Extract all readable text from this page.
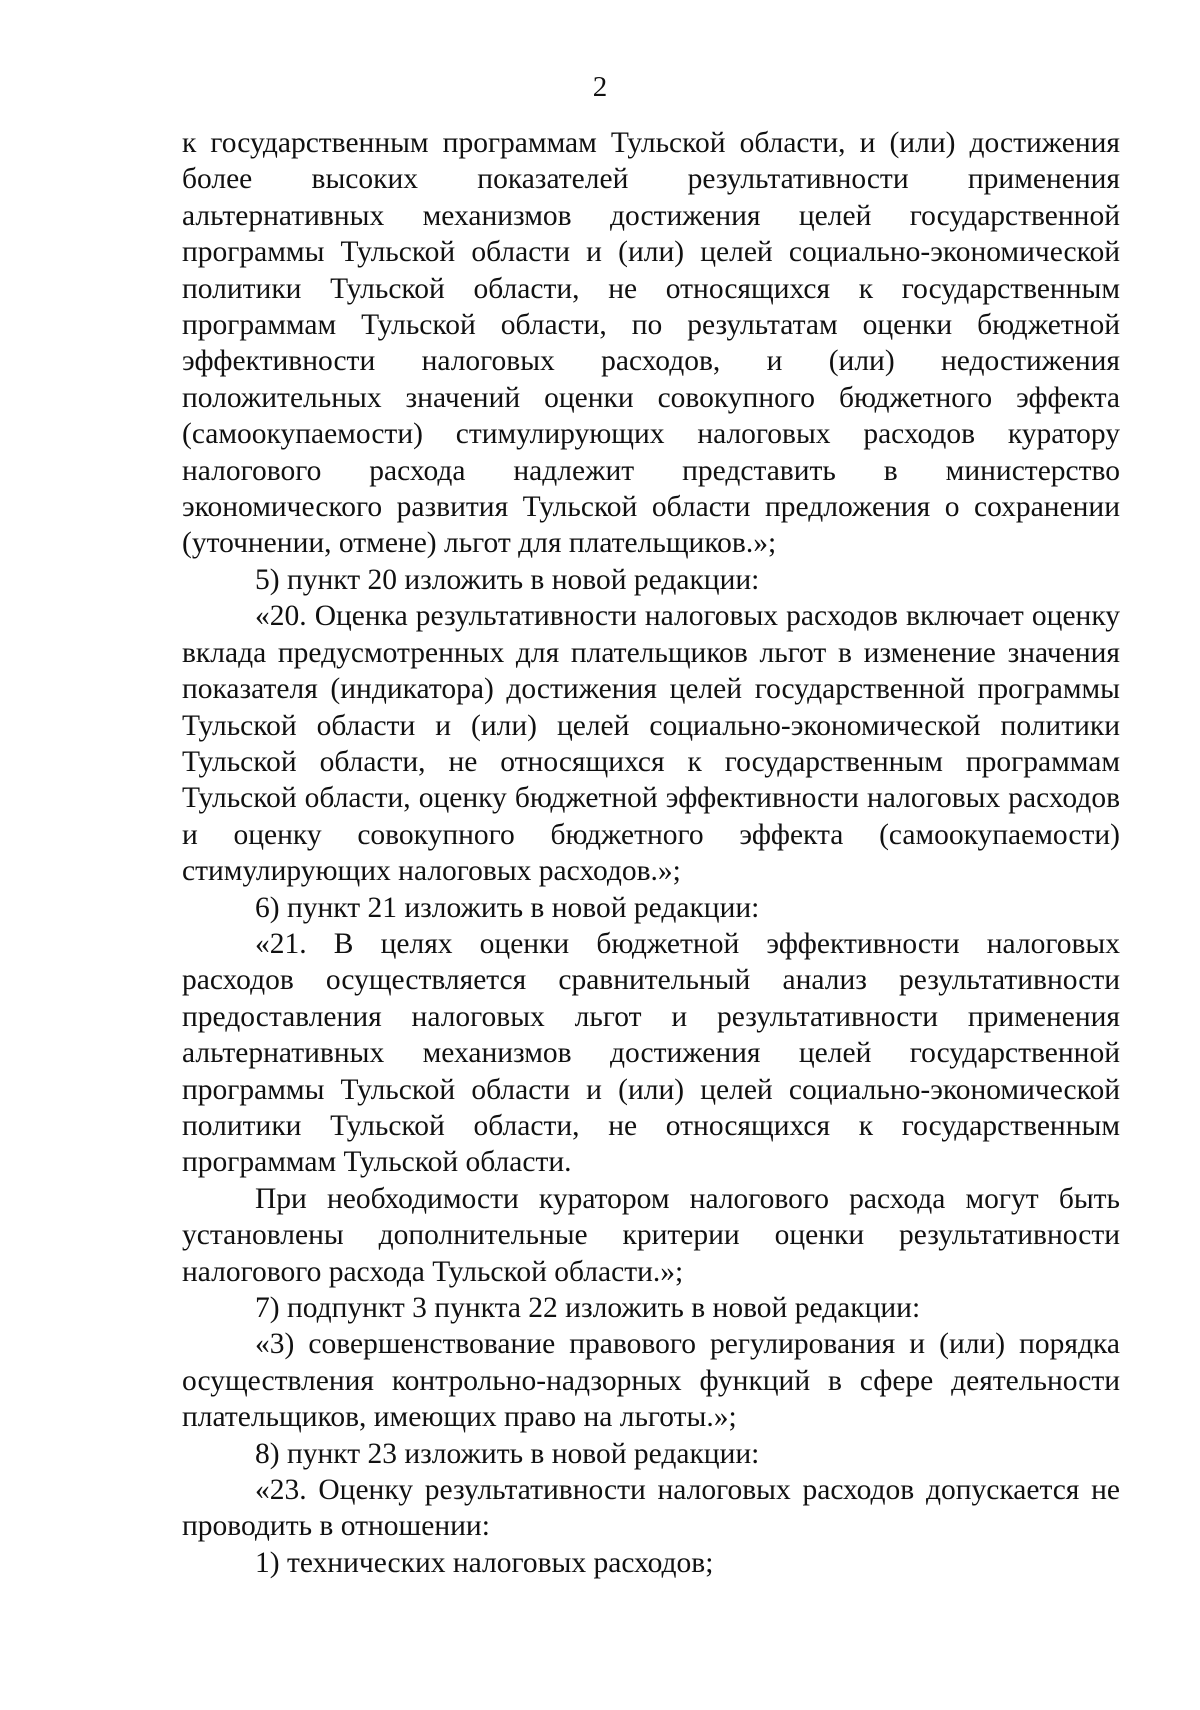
2

к государственным программам Тульской области, и (или) достижения более высоких показателей результативности применения альтернативных механизмов достижения целей государственной программы Тульской области и (или) целей социально-экономической политики Тульской области, не относящихся к государственным программам Тульской области, по результатам оценки бюджетной эффективности налоговых расходов, и (или) недостижения положительных значений оценки совокупного бюджетного эффекта (самоокупаемости) стимулирующих налоговых расходов куратору налогового расхода надлежит представить в министерство экономического развития Тульской области предложения о сохранении (уточнении, отмене) льгот для плательщиков.»;

5) пункт 20 изложить в новой редакции:

«20. Оценка результативности налоговых расходов включает оценку вклада предусмотренных для плательщиков льгот в изменение значения показателя (индикатора) достижения целей государственной программы Тульской области и (или) целей социально-экономической политики Тульской области, не относящихся к государственным программам Тульской области, оценку бюджетной эффективности налоговых расходов и оценку совокупного бюджетного эффекта (самоокупаемости) стимулирующих налоговых расходов.»;

6) пункт 21 изложить в новой редакции:

«21. В целях оценки бюджетной эффективности налоговых расходов осуществляется сравнительный анализ результативности предоставления налоговых льгот и результативности применения альтернативных механизмов достижения целей государственной программы Тульской области и (или) целей социально-экономической политики Тульской области, не относящихся к государственным программам Тульской области.

При необходимости куратором налогового расхода могут быть установлены дополнительные критерии оценки результативности налогового расхода Тульской области.»;

7) подпункт 3 пункта 22 изложить в новой редакции:

«3) совершенствование правового регулирования и (или) порядка осуществления контрольно-надзорных функций в сфере деятельности плательщиков, имеющих право на льготы.»;

8) пункт 23 изложить в новой редакции:

«23. Оценку результативности налоговых расходов допускается не проводить в отношении:

1) технических налоговых расходов;
